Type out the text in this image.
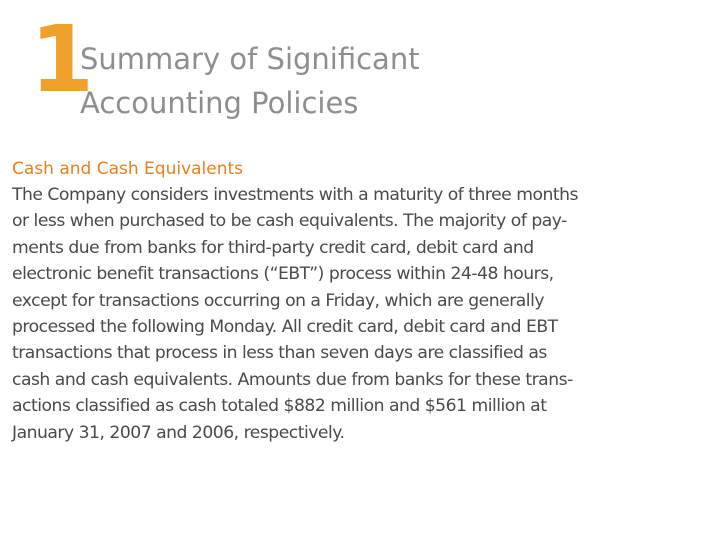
1
Summary of Significant
Accounting Policies
Cash and Cash Equivalents
The Company considers investments with a maturity of three months
or less when purchased to be cash equivalents. The majority of pay-
ments due from banks for third-party credit card, debit card and
electronic benefit transactions (“EBT”) process within 24-48 hours,
except for transactions occurring on a Friday, which are generally
processed the following Monday. All credit card, debit card and EBT
transactions that process in less than seven days are classified as
cash and cash equivalents. Amounts due from banks for these trans-
actions classified as cash totaled $882 million and $561 million at
January 31, 2007 and 2006, respectively.
